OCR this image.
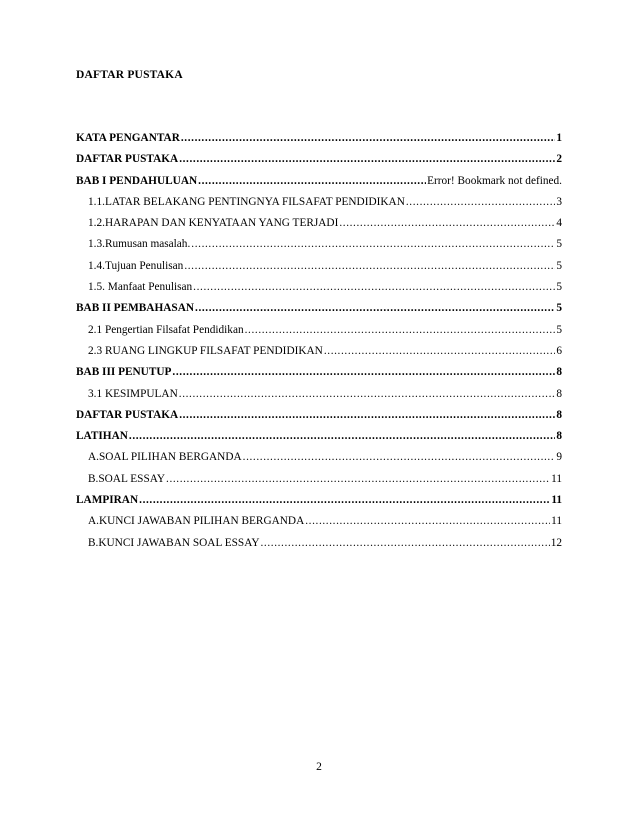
DAFTAR PUSTAKA
KATA PENGANTAR .....	1
DAFTAR PUSTAKA .....	2
BAB I PENDAHULUAN .....	Error! Bookmark not defined.
1.1.LATAR BELAKANG PENTINGNYA FILSAFAT PENDIDIKAN .....	3
1.2.HARAPAN DAN KENYATAAN YANG TERJADI .....	4
1.3.Rumusan masalah. .....	5
1.4.Tujuan Penulisan .....	5
1.5. Manfaat Penulisan .....	5
BAB II PEMBAHASAN .....	5
2.1 Pengertian Filsafat Pendidikan .....	5
2.3 RUANG LINGKUP FILSAFAT PENDIDIKAN .....	6
BAB III PENUTUP .....	8
3.1 KESIMPULAN .....	8
DAFTAR PUSTAKA .....	8
LATIHAN .....	8
A.SOAL PILIHAN BERGANDA .....	9
B.SOAL ESSAY .....	11
LAMPIRAN .....	11
A.KUNCI JAWABAN PILIHAN BERGANDA .....	11
B.KUNCI JAWABAN SOAL ESSAY .....	12
2
